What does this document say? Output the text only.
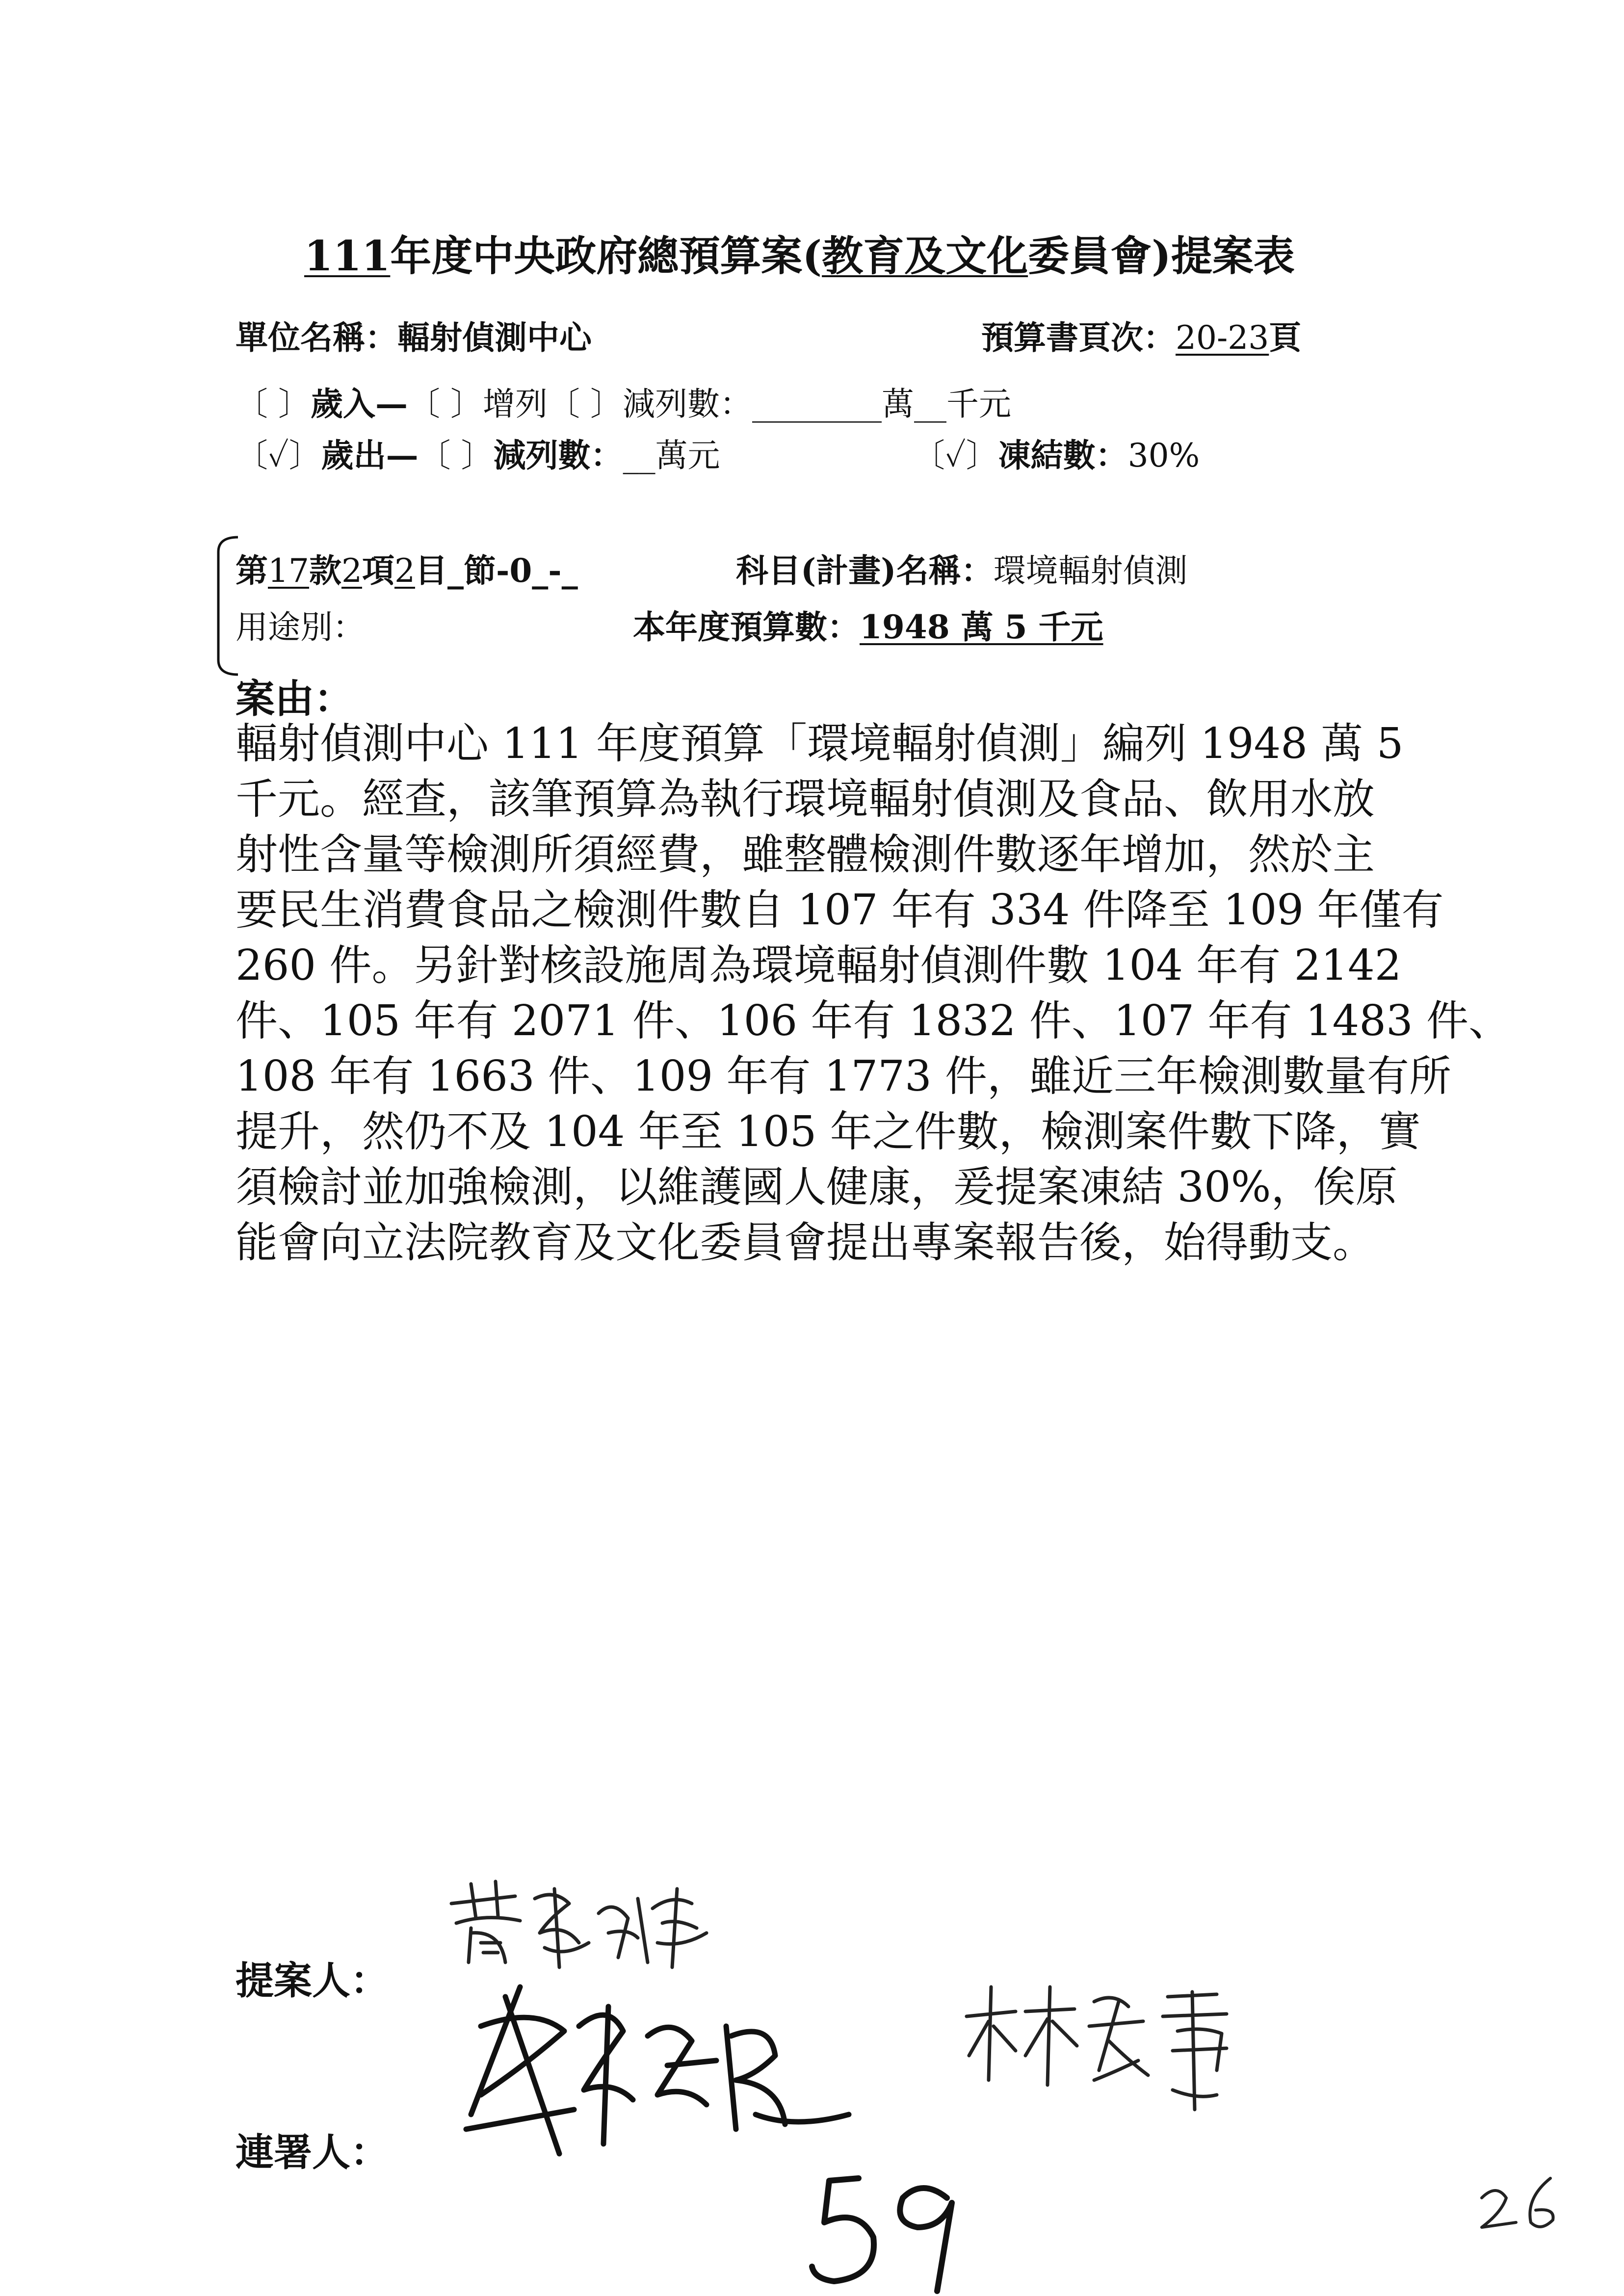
111年度中央政府總預算案(教育及文化委員會)提案表
單位名稱：輻射偵測中心	預算書頁次：20-23頁
〔 〕歲入—〔 〕增列〔 〕減列數：________萬__千元
〔✓〕歲出—〔 〕減列數：__萬元	〔✓〕凍結數：30%
第17款2項2目_節-0_-_	科目(計畫)名稱：環境輻射偵測
用途別：	本年度預算數：1948 萬 5 千元
案由：
輻射偵測中心 111 年度預算「環境輻射偵測」編列 1948 萬 5
千元。經查，該筆預算為執行環境輻射偵測及食品、飲用水放
射性含量等檢測所須經費，雖整體檢測件數逐年增加，然於主
要民生消費食品之檢測件數自 107 年有 334 件降至 109 年僅有
260 件。另針對核設施周為環境輻射偵測件數 104 年有 2142
件、105 年有 2071 件、106 年有 1832 件、107 年有 1483 件、
108 年有 1663 件、109 年有 1773 件，雖近三年檢測數量有所
提升，然仍不及 104 年至 105 年之件數，檢測案件數下降，實
須檢討並加強檢測，以維護國人健康，爰提案凍結 30%，俟原
能會向立法院教育及文化委員會提出專案報告後，始得動支。
提案人：
連署人：
